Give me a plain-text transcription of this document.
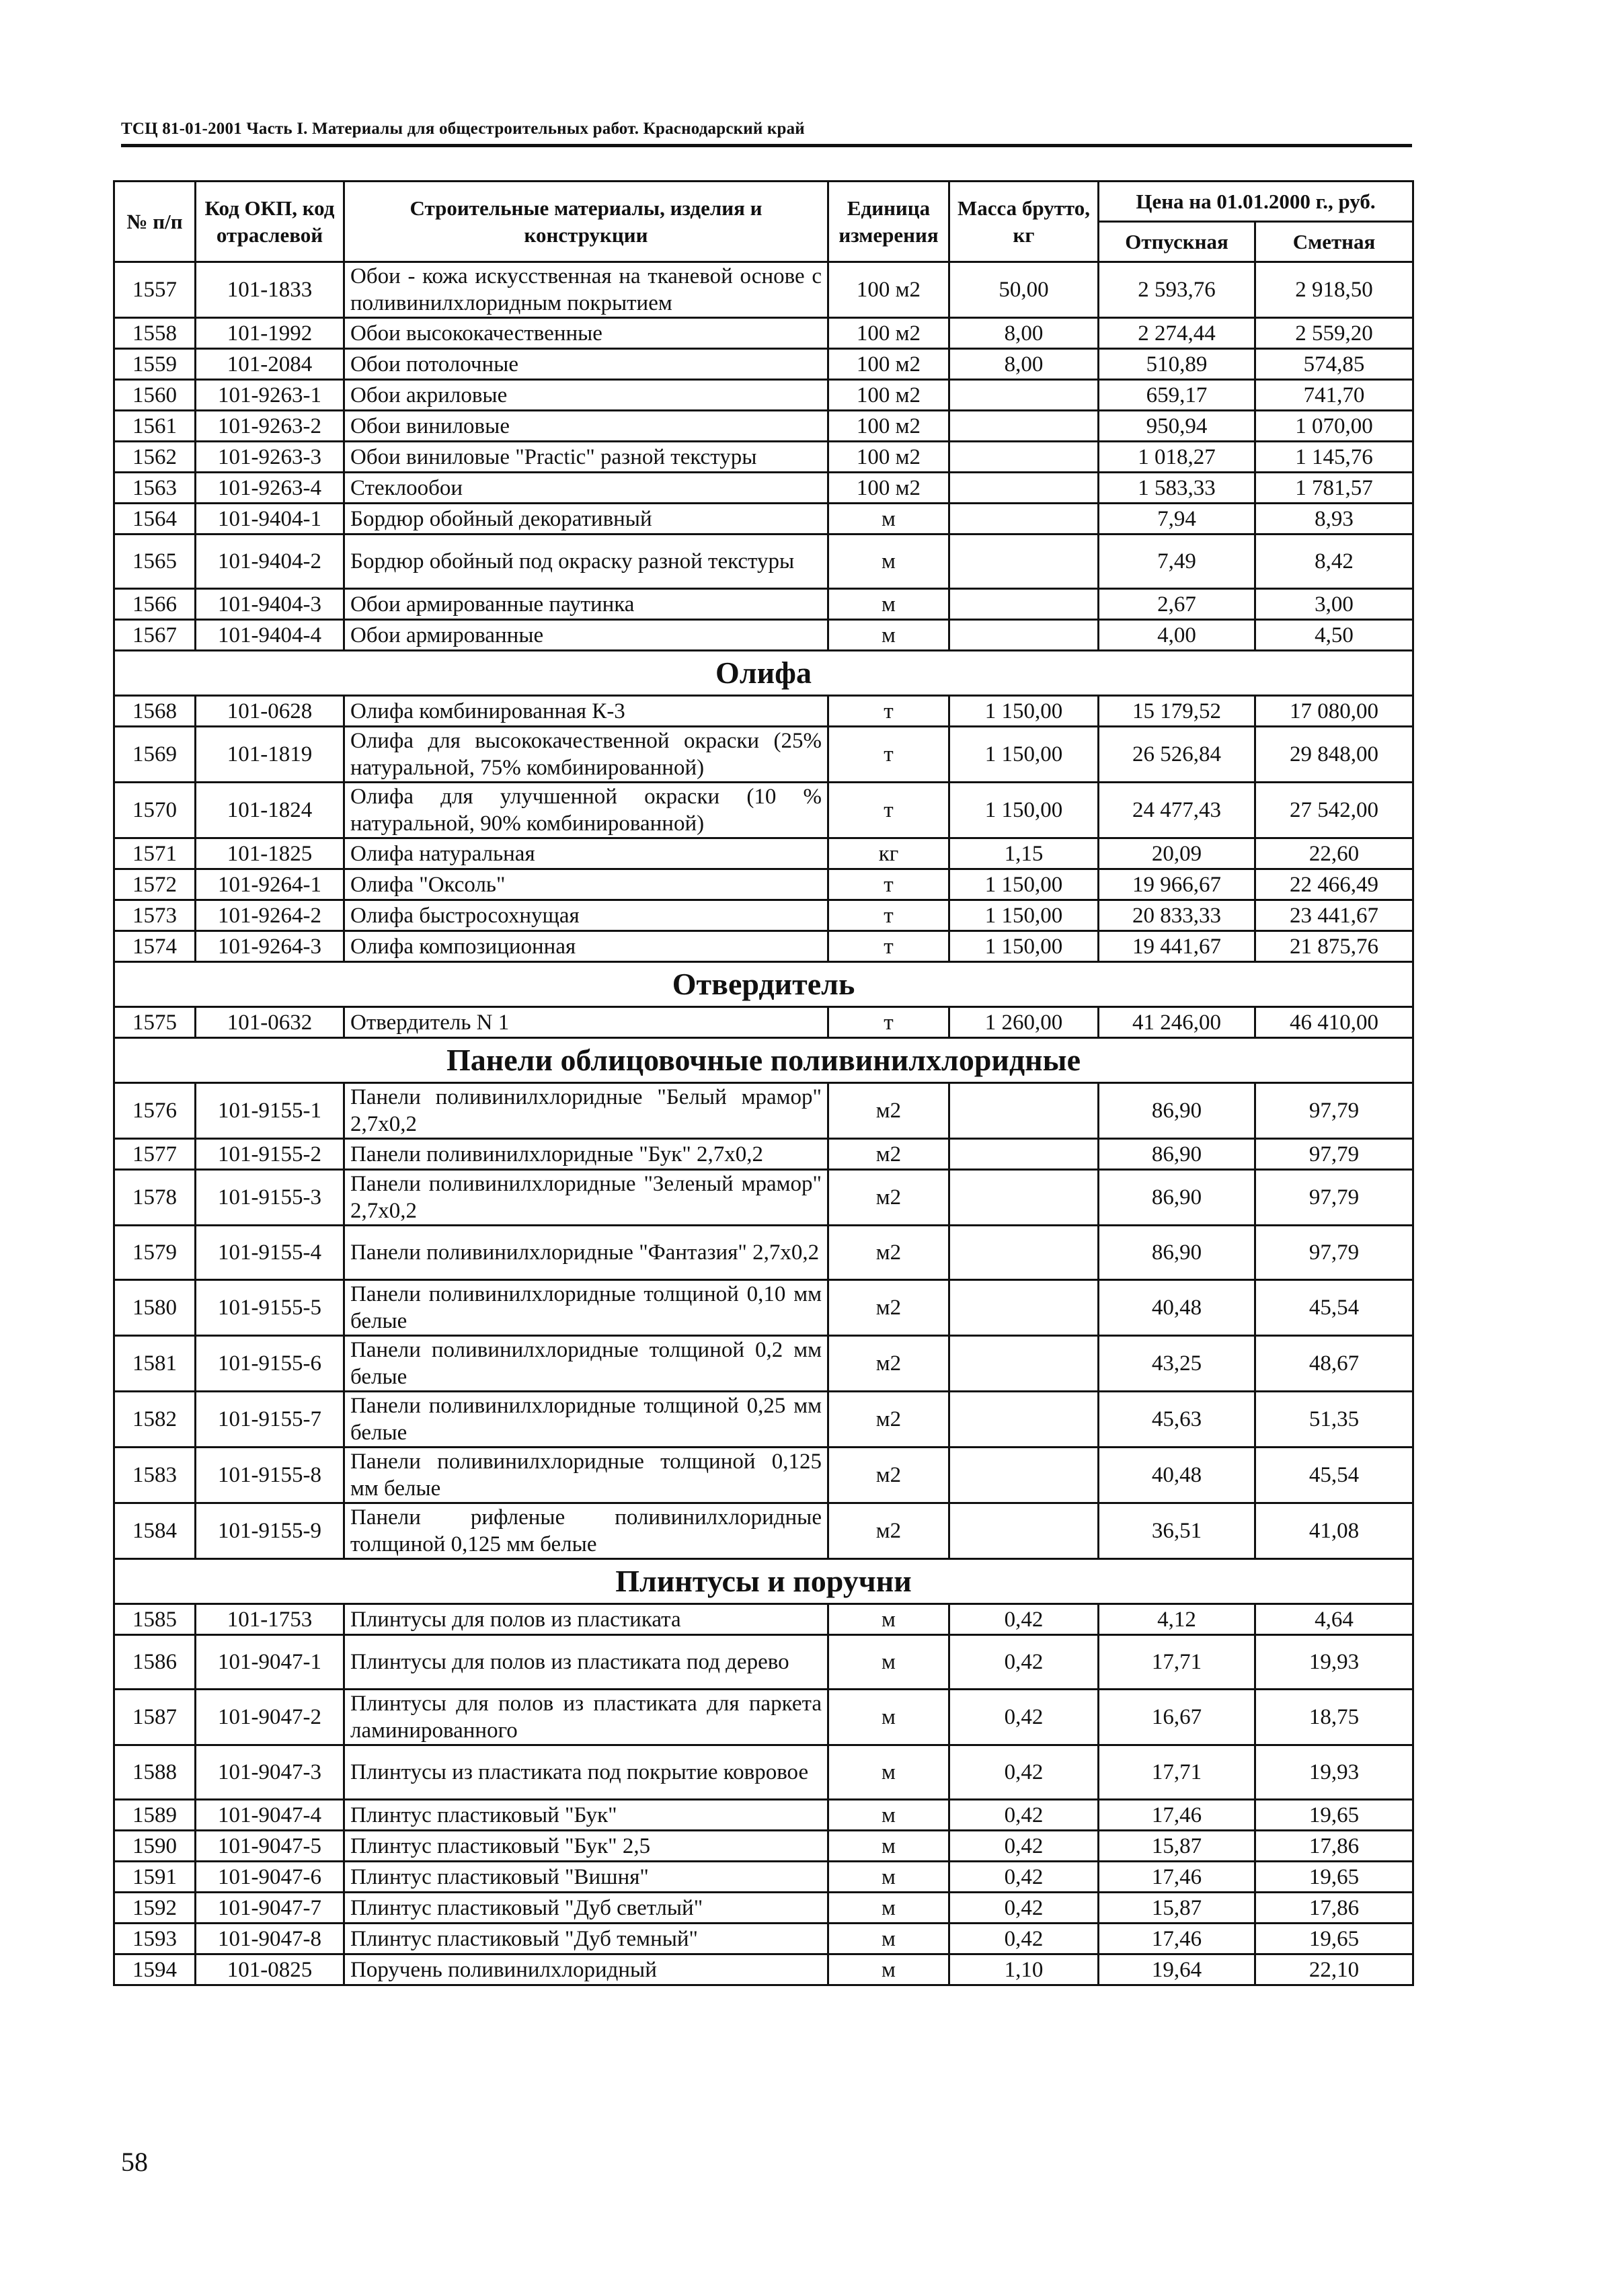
ТСЦ 81-01-2001 Часть I. Материалы для общестроительных работ. Краснодарский край
№ п/п	Код ОКП, код отраслевой	Строительные материалы, изделия и конструкции	Единица измерения	Масса брутто, кг	Цена на 01.01.2000 г., руб.	
					Отпускная	Сметная
1557	101-1833	Обои - кожа искусственная на тканевой основе с поливинилхлоридным покрытием	100 м2	50,00	2 593,76	2 918,50
1558	101-1992	Обои высококачественные	100 м2	8,00	2 274,44	2 559,20
1559	101-2084	Обои потолочные	100 м2	8,00	510,89	574,85
1560	101-9263-1	Обои акриловые	100 м2		659,17	741,70
1561	101-9263-2	Обои виниловые	100 м2		950,94	1 070,00
1562	101-9263-3	Обои виниловые "Practic" разной текстуры	100 м2		1 018,27	1 145,76
1563	101-9263-4	Стеклообои	100 м2		1 583,33	1 781,57
1564	101-9404-1	Бордюр обойный декоративный	м		7,94	8,93
1565	101-9404-2	Бордюр обойный под окраску разной текстуры	м		7,49	8,42
1566	101-9404-3	Обои армированные паутинка	м		2,67	3,00
1567	101-9404-4	Обои армированные	м		4,00	4,50
Олифа						
1568	101-0628	Олифа комбинированная К-3	т	1 150,00	15 179,52	17 080,00
1569	101-1819	Олифа для высококачественной окраски (25% натуральной, 75% комбинированной)	т	1 150,00	26 526,84	29 848,00
1570	101-1824	Олифа для улучшенной окраски (10 % натуральной, 90% комбинированной)	т	1 150,00	24 477,43	27 542,00
1571	101-1825	Олифа натуральная	кг	1,15	20,09	22,60
1572	101-9264-1	Олифа "Оксоль"	т	1 150,00	19 966,67	22 466,49
1573	101-9264-2	Олифа быстросохнущая	т	1 150,00	20 833,33	23 441,67
1574	101-9264-3	Олифа композиционная	т	1 150,00	19 441,67	21 875,76
Отвердитель						
1575	101-0632	Отвердитель N 1	т	1 260,00	41 246,00	46 410,00
Панели облицовочные поливинилхлоридные						
1576	101-9155-1	Панели поливинилхлоридные "Белый мрамор" 2,7х0,2	м2		86,90	97,79
1577	101-9155-2	Панели поливинилхлоридные "Бук" 2,7х0,2	м2		86,90	97,79
1578	101-9155-3	Панели поливинилхлоридные "Зеленый мрамор" 2,7х0,2	м2		86,90	97,79
1579	101-9155-4	Панели поливинилхлоридные "Фантазия" 2,7х0,2	м2		86,90	97,79
1580	101-9155-5	Панели поливинилхлоридные толщиной 0,10 мм белые	м2		40,48	45,54
1581	101-9155-6	Панели поливинилхлоридные толщиной 0,2 мм белые	м2		43,25	48,67
1582	101-9155-7	Панели поливинилхлоридные толщиной 0,25 мм белые	м2		45,63	51,35
1583	101-9155-8	Панели поливинилхлоридные толщиной 0,125 мм белые	м2		40,48	45,54
1584	101-9155-9	Панели рифленые поливинилхлоридные толщиной 0,125 мм белые	м2		36,51	41,08
Плинтусы и поручни						
1585	101-1753	Плинтусы для полов из пластиката	м	0,42	4,12	4,64
1586	101-9047-1	Плинтусы для полов из пластиката под дерево	м	0,42	17,71	19,93
1587	101-9047-2	Плинтусы для полов из пластиката для паркета ламинированного	м	0,42	16,67	18,75
1588	101-9047-3	Плинтусы из пластиката под покрытие ковровое	м	0,42	17,71	19,93
1589	101-9047-4	Плинтус пластиковый "Бук"	м	0,42	17,46	19,65
1590	101-9047-5	Плинтус пластиковый "Бук" 2,5	м	0,42	15,87	17,86
1591	101-9047-6	Плинтус пластиковый "Вишня"	м	0,42	17,46	19,65
1592	101-9047-7	Плинтус пластиковый "Дуб светлый"	м	0,42	15,87	17,86
1593	101-9047-8	Плинтус пластиковый "Дуб темный"	м	0,42	17,46	19,65
1594	101-0825	Поручень поливинилхлоридный	м	1,10	19,64	22,10
58
